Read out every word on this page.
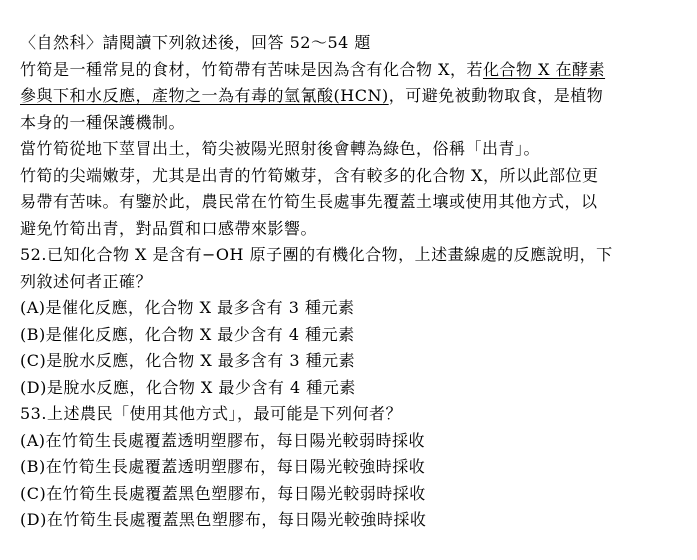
〈自然科〉請閱讀下列敘述後，回答 52～54 題
竹筍是一種常見的食材，竹筍帶有苦味是因為含有化合物 X，若化合物 X 在酵素
參與下和水反應，產物之一為有毒的氫氰酸(HCN)，可避免被動物取食，是植物
本身的一種保護機制。
當竹筍從地下莖冒出土，筍尖被陽光照射後會轉為綠色，俗稱「出青」。
竹筍的尖端嫩芽，尤其是出青的竹筍嫩芽，含有較多的化合物 X，所以此部位更
易帶有苦味。有鑒於此，農民常在竹筍生長處事先覆蓋土壤或使用其他方式，以
避免竹筍出青，對品質和口感帶來影響。
52.已知化合物 X 是含有−OH 原子團的有機化合物，上述畫線處的反應說明，下
列敘述何者正確？
(A)是催化反應，化合物 X 最多含有 3 種元素
(B)是催化反應，化合物 X 最少含有 4 種元素
(C)是脫水反應，化合物 X 最多含有 3 種元素
(D)是脫水反應，化合物 X 最少含有 4 種元素
53.上述農民「使用其他方式」，最可能是下列何者？
(A)在竹筍生長處覆蓋透明塑膠布，每日陽光較弱時採收
(B)在竹筍生長處覆蓋透明塑膠布，每日陽光較強時採收
(C)在竹筍生長處覆蓋黑色塑膠布，每日陽光較弱時採收
(D)在竹筍生長處覆蓋黑色塑膠布，每日陽光較強時採收
